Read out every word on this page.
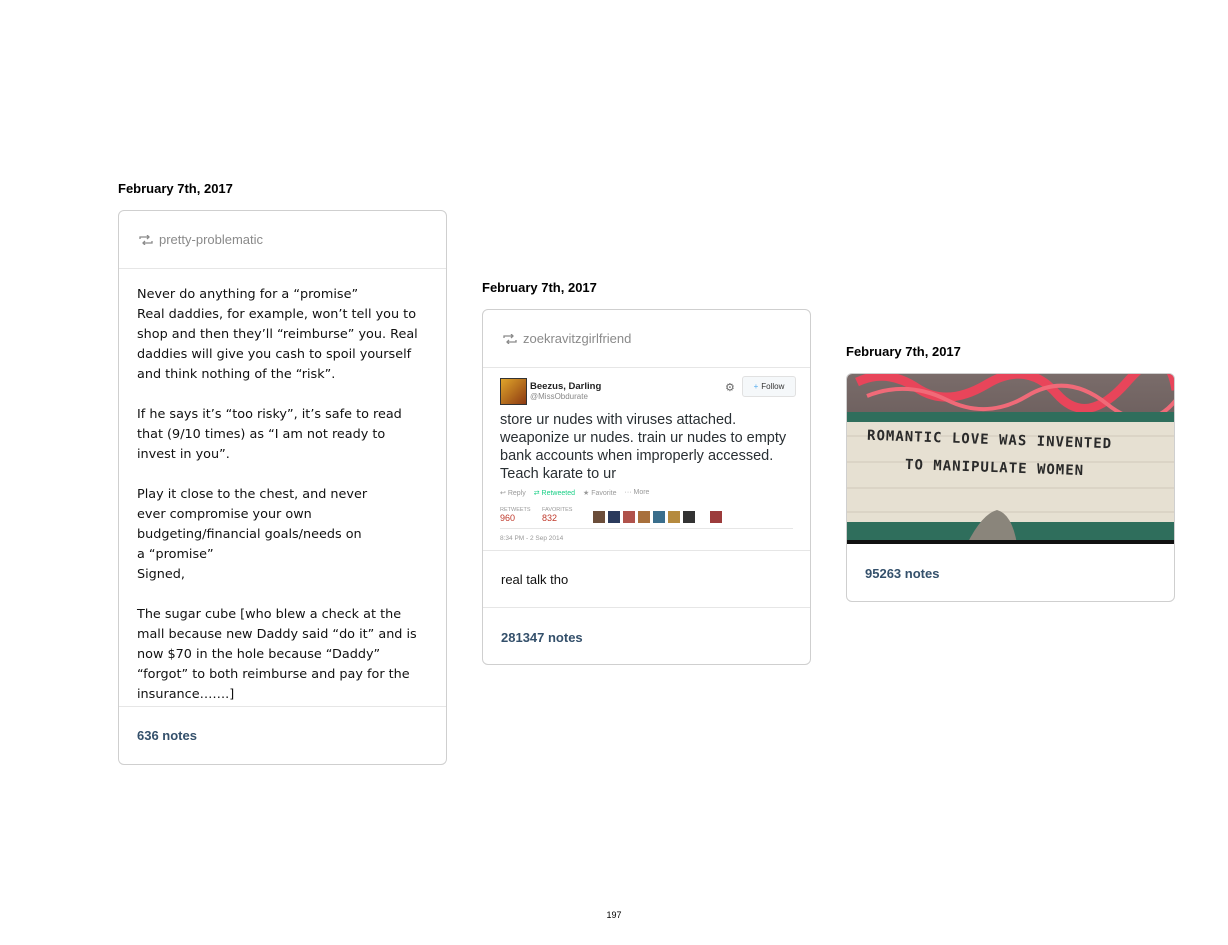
February 7th, 2017
pretty-problematic

Never do anything for a “promise”
Real daddies, for example, won’t tell you to shop and then they’ll “reimburse” you. Real daddies will give you cash to spoil yourself and think nothing of the “risk”.

If he says it’s “too risky”, it’s safe to read that (9/10 times) as “I am not ready to invest in you”.

Play it close to the chest, and never
ever compromise your own
budgeting/financial goals/needs on
a “promise”
Signed,

The sugar cube [who blew a check at the mall because new Daddy said “do it” and is now $70 in the hole because “Daddy” “forgot” to both reimburse and pay for the insurance…….]

636 notes
February 7th, 2017
zoekravitzgirlfriend
Beezus, Darling
@MissObdurate
⚙ + Follow
store ur nudes with viruses attached. weaponize ur nudes. train ur nudes to empty bank accounts when improperly accessed. Teach karate to ur
↩ Reply ⇄ Retweeted ★ Favorite ··· More
RETWEETS
960
FAVORITES
832
8:34 PM - 2 Sep 2014
real talk tho
281347 notes
February 7th, 2017
ROMANTIC LOVE WAS INVENTED
TO MANIPULATE WOMEN
95263 notes
197
